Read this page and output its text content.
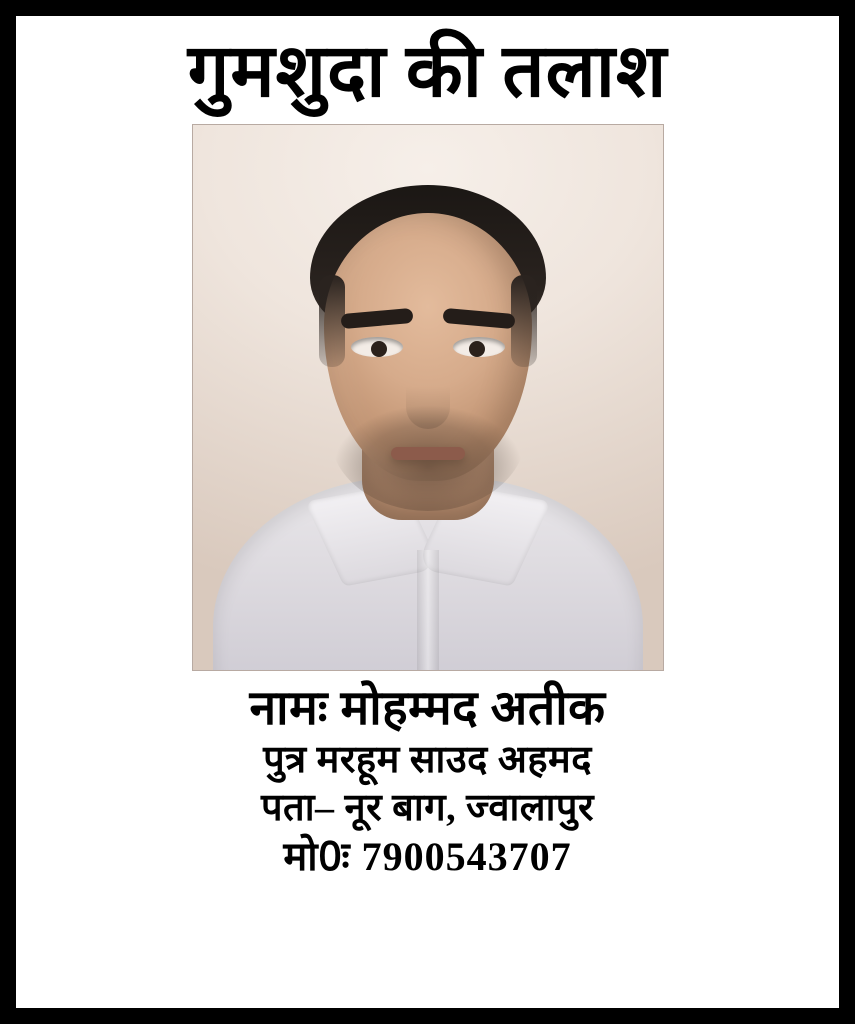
गुमशुदा की तलाश
नामः मोहम्मद अतीक
पुत्र मरहूम साउद अहमद
पता– नूर बाग, ज्वालापुर
मो0ः 7900543707
